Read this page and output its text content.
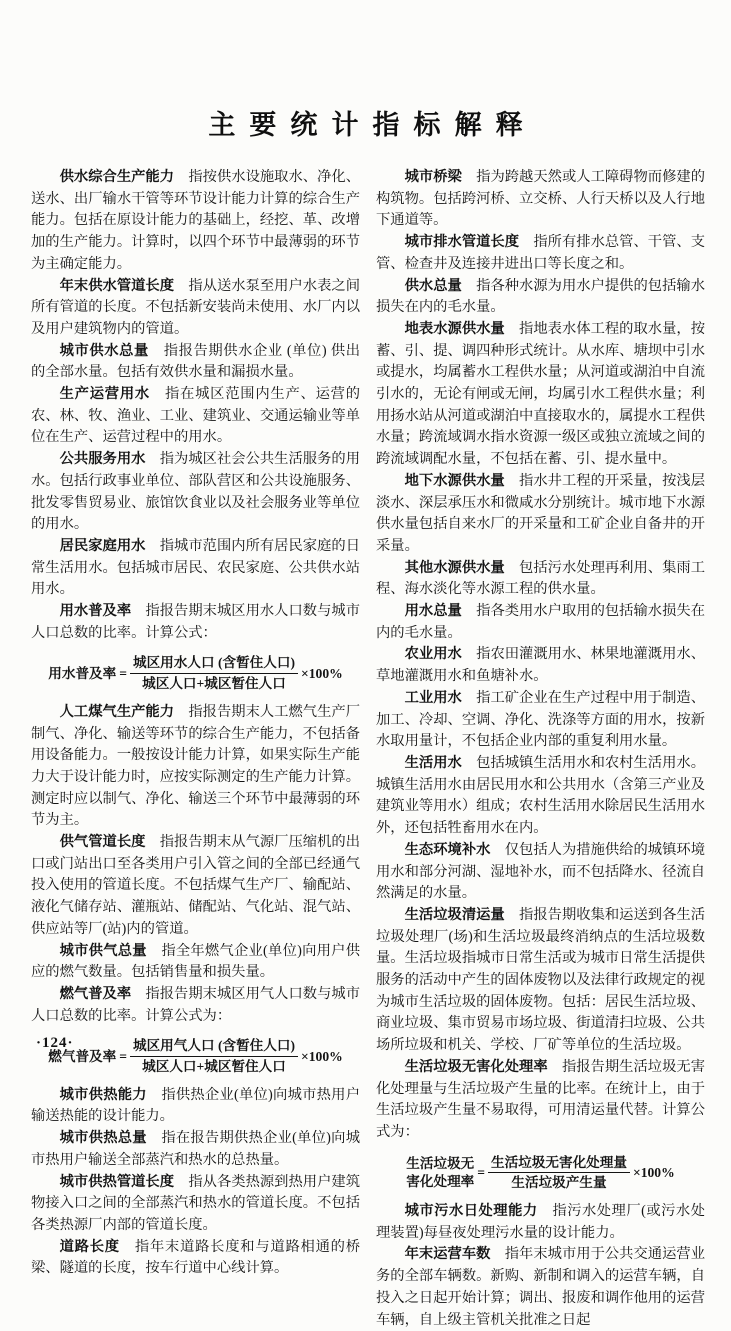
主要统计指标解释

供水综合生产能力　指按供水设施取水、净化、送水、出厂输水干管等环节设计能力计算的综合生产能力。包括在原设计能力的基础上，经挖、革、改增加的生产能力。计算时，以四个环节中最薄弱的环节为主确定能力。

年末供水管道长度　指从送水泵至用户水表之间所有管道的长度。不包括新安装尚未使用、水厂内以及用户建筑物内的管道。

城市供水总量　指报告期供水企业 (单位) 供出的全部水量。包括有效供水量和漏损水量。

生产运营用水　指在城区范围内生产、运营的农、林、牧、渔业、工业、建筑业、交通运输业等单位在生产、运营过程中的用水。

公共服务用水　指为城区社会公共生活服务的用水。包括行政事业单位、部队营区和公共设施服务、批发零售贸易业、旅馆饮食业以及社会服务业等单位的用水。

居民家庭用水　指城市范围内所有居民家庭的日常生活用水。包括城市居民、农民家庭、公共供水站用水。

用水普及率　指报告期末城区用水人口数与城市人口总数的比率。计算公式：

用水普及率 = $\frac{\text{城区用水人口 (含暂住人口)}}{\text{城区人口+城区暂住人口}} \times 100\%$

人工煤气生产能力　指报告期末人工燃气生产厂制气、净化、输送等环节的综合生产能力，不包括备用设备能力。一般按设计能力计算，如果实际生产能力大于设计能力时，应按实际测定的生产能力计算。测定时应以制气、净化、输送三个环节中最薄弱的环节为主。

供气管道长度　指报告期末从气源厂压缩机的出口或门站出口至各类用户引入管之间的全部已经通气投入使用的管道长度。不包括煤气生产厂、输配站、液化气储存站、灌瓶站、储配站、气化站、混气站、供应站等厂(站)内的管道。

城市供气总量　指全年燃气企业(单位)向用户供应的燃气数量。包括销售量和损失量。

燃气普及率　指报告期末城区用气人口数与城市人口总数的比率。计算公式为：

燃气普及率 = $\frac{\text{城区用气人口 (含暂住人口)}}{\text{城区人口+城区暂住人口}} \times 100\%$

城市供热能力　指供热企业(单位)向城市热用户输送热能的设计能力。

城市供热总量　指在报告期供热企业(单位)向城市热用户输送全部蒸汽和热水的总热量。

城市供热管道长度　指从各类热源到热用户建筑物接入口之间的全部蒸汽和热水的管道长度。不包括各类热源厂内部的管道长度。

道路长度　指年末道路长度和与道路相通的桥梁、隧道的长度，按车行道中心线计算。

城市桥梁　指为跨越天然或人工障碍物而修建的构筑物。包括跨河桥、立交桥、人行天桥以及人行地下通道等。

城市排水管道长度　指所有排水总管、干管、支管、检查井及连接井进出口等长度之和。

供水总量　指各种水源为用水户提供的包括输水损失在内的毛水量。

地表水源供水量　指地表水体工程的取水量，按蓄、引、提、调四种形式统计。从水库、塘坝中引水或提水，均属蓄水工程供水量；从河道或湖泊中自流引水的，无论有闸或无闸，均属引水工程供水量；利用扬水站从河道或湖泊中直接取水的，属提水工程供水量；跨流域调水指水资源一级区或独立流域之间的跨流域调配水量，不包括在蓄、引、提水量中。

地下水源供水量　指水井工程的开采量，按浅层淡水、深层承压水和微咸水分别统计。城市地下水源供水量包括自来水厂的开采量和工矿企业自备井的开采量。

其他水源供水量　包括污水处理再利用、集雨工程、海水淡化等水源工程的供水量。

用水总量　指各类用水户取用的包括输水损失在内的毛水量。

农业用水　指农田灌溉用水、林果地灌溉用水、草地灌溉用水和鱼塘补水。

工业用水　指工矿企业在生产过程中用于制造、加工、冷却、空调、净化、洗涤等方面的用水，按新水取用量计，不包括企业内部的重复利用水量。

生活用水　包括城镇生活用水和农村生活用水。城镇生活用水由居民用水和公共用水（含第三产业及建筑业等用水）组成；农村生活用水除居民生活用水外，还包括牲畜用水在内。

生态环境补水　仅包括人为措施供给的城镇环境用水和部分河湖、湿地补水，而不包括降水、径流自然满足的水量。

生活垃圾清运量　指报告期收集和运送到各生活垃圾处理厂(场)和生活垃圾最终消纳点的生活垃圾数量。生活垃圾指城市日常生活或为城市日常生活提供服务的活动中产生的固体废物以及法律行政规定的视为城市生活垃圾的固体废物。包括：居民生活垃圾、商业垃圾、集市贸易市场垃圾、街道清扫垃圾、公共场所垃圾和机关、学校、厂矿等单位的生活垃圾。

生活垃圾无害化处理率　指报告期生活垃圾无害化处理量与生活垃圾产生量的比率。在统计上，由于生活垃圾产生量不易取得，可用清运量代替。计算公式为：

生活垃圾无
害化处理率
= $\frac{\text{生活垃圾无害化处理量}}{\text{生活垃圾产生量}} \times 100\%$

城市污水日处理能力　指污水处理厂(或污水处理装置)每昼夜处理污水量的设计能力。

年末运营车数　指年末城市用于公共交通运营业务的全部车辆数。新购、新制和调入的运营车辆，自投入之日起开始计算；调出、报废和调作他用的运营车辆，自上级主管机关批准之日起

·124·
